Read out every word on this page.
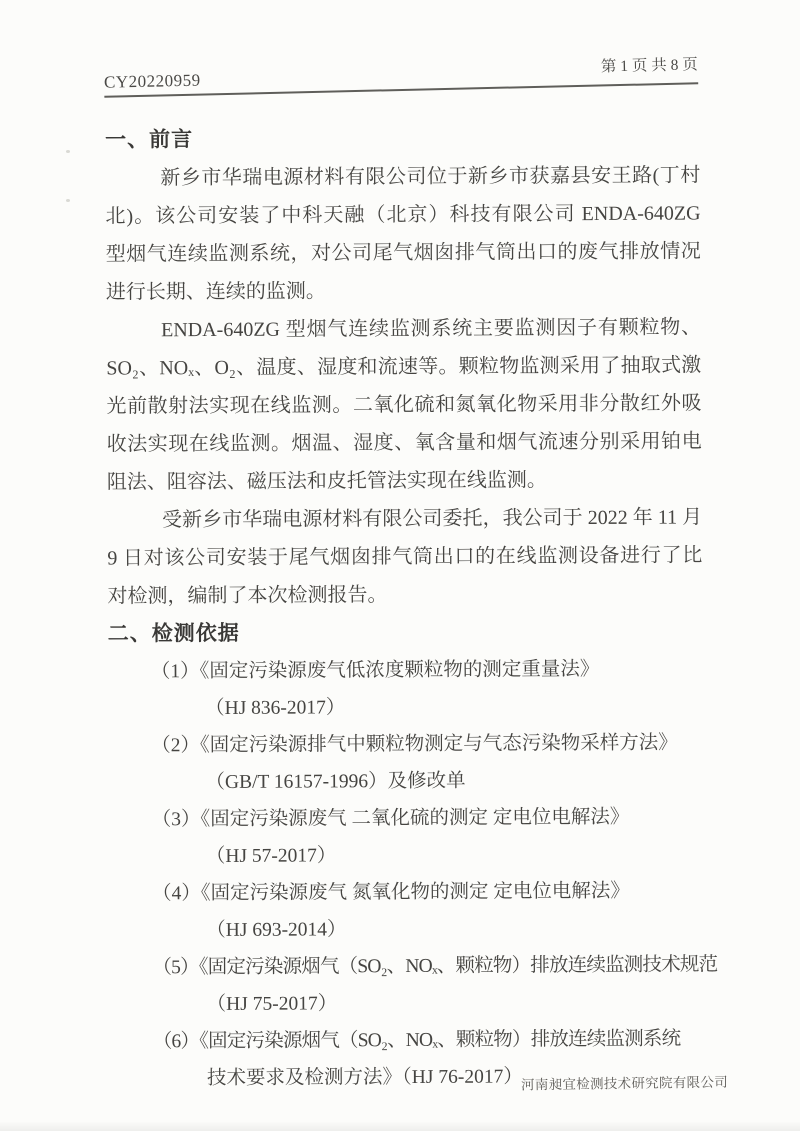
CY20220959
第 1 页 共 8 页
一、前言
新乡市华瑞电源材料有限公司位于新乡市获嘉县安王路(丁村
北)。该公司安装了中科天融（北京）科技有限公司 ENDA-640ZG
型烟气连续监测系统，对公司尾气烟囱排气筒出口的废气排放情况
进行长期、连续的监测。
ENDA-640ZG 型烟气连续监测系统主要监测因子有颗粒物、
SO₂、NOₓ、O₂、温度、湿度和流速等。颗粒物监测采用了抽取式激
光前散射法实现在线监测。二氧化硫和氮氧化物采用非分散红外吸
收法实现在线监测。烟温、湿度、氧含量和烟气流速分别采用铂电
阻法、阻容法、磁压法和皮托管法实现在线监测。
受新乡市华瑞电源材料有限公司委托，我公司于 2022 年 11 月
9 日对该公司安装于尾气烟囱排气筒出口的在线监测设备进行了比
对检测，编制了本次检测报告。
二、检测依据
（1）《固定污染源废气低浓度颗粒物的测定重量法》
（HJ 836-2017）
（2）《固定污染源排气中颗粒物测定与气态污染物采样方法》
（GB/T 16157-1996）及修改单
（3）《固定污染源废气 二氧化硫的测定 定电位电解法》
（HJ 57-2017）
（4）《固定污染源废气 氮氧化物的测定 定电位电解法》
（HJ 693-2014）
（5）《固定污染源烟气（SO₂、NOₓ、颗粒物）排放连续监测技术规范
（HJ 75-2017）
（6）《固定污染源烟气（SO₂、NOₓ、颗粒物）排放连续监测系统
技术要求及检测方法》（HJ 76-2017）
河南昶宜检测技术研究院有限公司
